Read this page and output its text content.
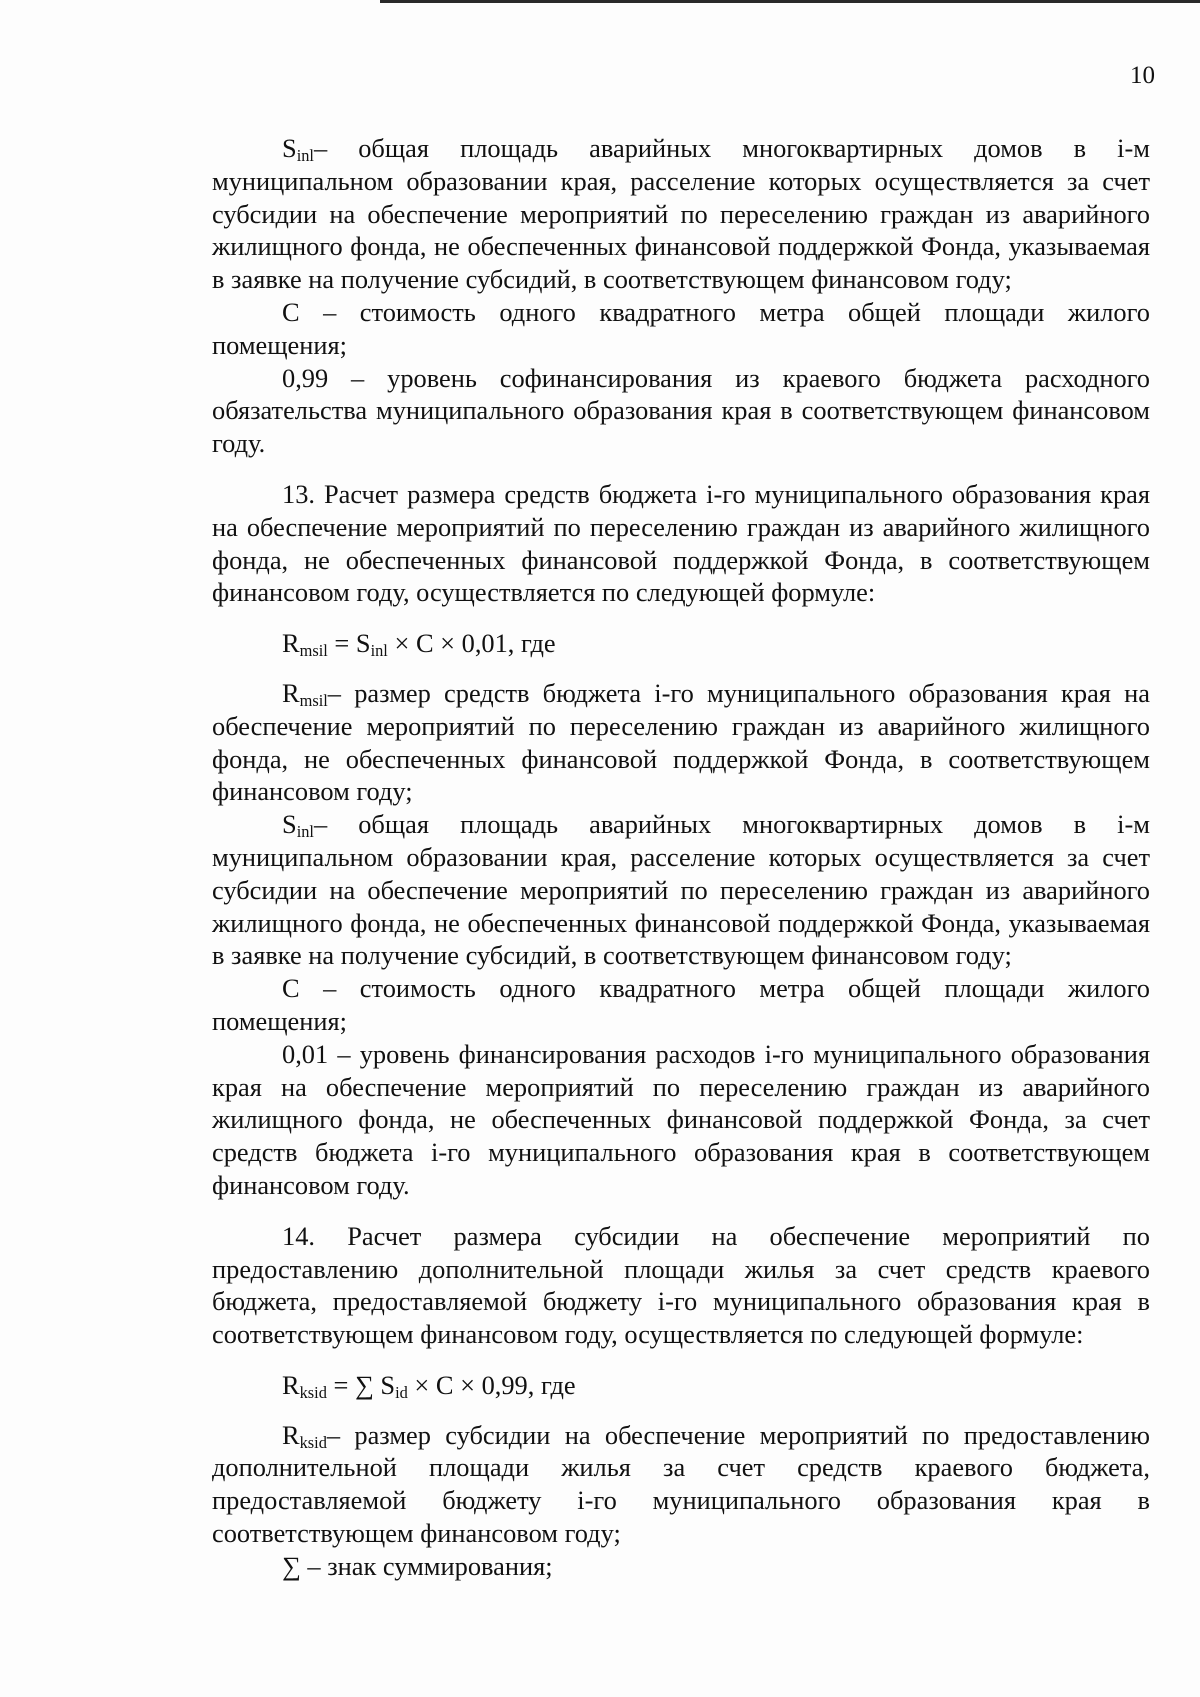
10

$S_{inl}-$ общая площадь аварийных многоквартирных домов в i-м муниципальном образовании края, расселение которых осуществляется за счет субсидии на обеспечение мероприятий по переселению граждан из аварийного жилищного фонда, не обеспеченных финансовой поддержкой Фонда, указываемая в заявке на получение субсидий, в соответствующем финансовом году;

С – стоимость одного квадратного метра общей площади жилого помещения;

0,99 – уровень софинансирования из краевого бюджета расходного обязательства муниципального образования края в соответствующем финансовом году.

13. Расчет размера средств бюджета i-го муниципального образования края на обеспечение мероприятий по переселению граждан из аварийного жилищного фонда, не обеспеченных финансовой поддержкой Фонда, в соответствующем финансовом году, осуществляется по следующей формуле:

$R_{msil} = S_{inl} \times C \times 0,01$, где

$R_{msil}-$ размер средств бюджета i-го муниципального образования края на обеспечение мероприятий по переселению граждан из аварийного жилищного фонда, не обеспеченных финансовой поддержкой Фонда, в соответствующем финансовом году;

$S_{inl}-$ общая площадь аварийных многоквартирных домов в i-м муниципальном образовании края, расселение которых осуществляется за счет субсидии на обеспечение мероприятий по переселению граждан из аварийного жилищного фонда, не обеспеченных финансовой поддержкой Фонда, указываемая в заявке на получение субсидий, в соответствующем финансовом году;

С – стоимость одного квадратного метра общей площади жилого помещения;

0,01 – уровень финансирования расходов i-го муниципального образования края на обеспечение мероприятий по переселению граждан из аварийного жилищного фонда, не обеспеченных финансовой поддержкой Фонда, за счет средств бюджета i-го муниципального образования края в соответствующем финансовом году.

14. Расчет размера субсидии на обеспечение мероприятий по предоставлению дополнительной площади жилья за счет средств краевого бюджета, предоставляемой бюджету i-го муниципального образования края в соответствующем финансовом году, осуществляется по следующей формуле:

$R_{ksid}$ = ∑ $S_{id} \times C \times 0,99$, где

$R_{ksid}-$ размер субсидии на обеспечение мероприятий по предоставлению дополнительной площади жилья за счет средств краевого бюджета, предоставляемой бюджету i-го муниципального образования края в соответствующем финансовом году;

∑ – знак суммирования;
